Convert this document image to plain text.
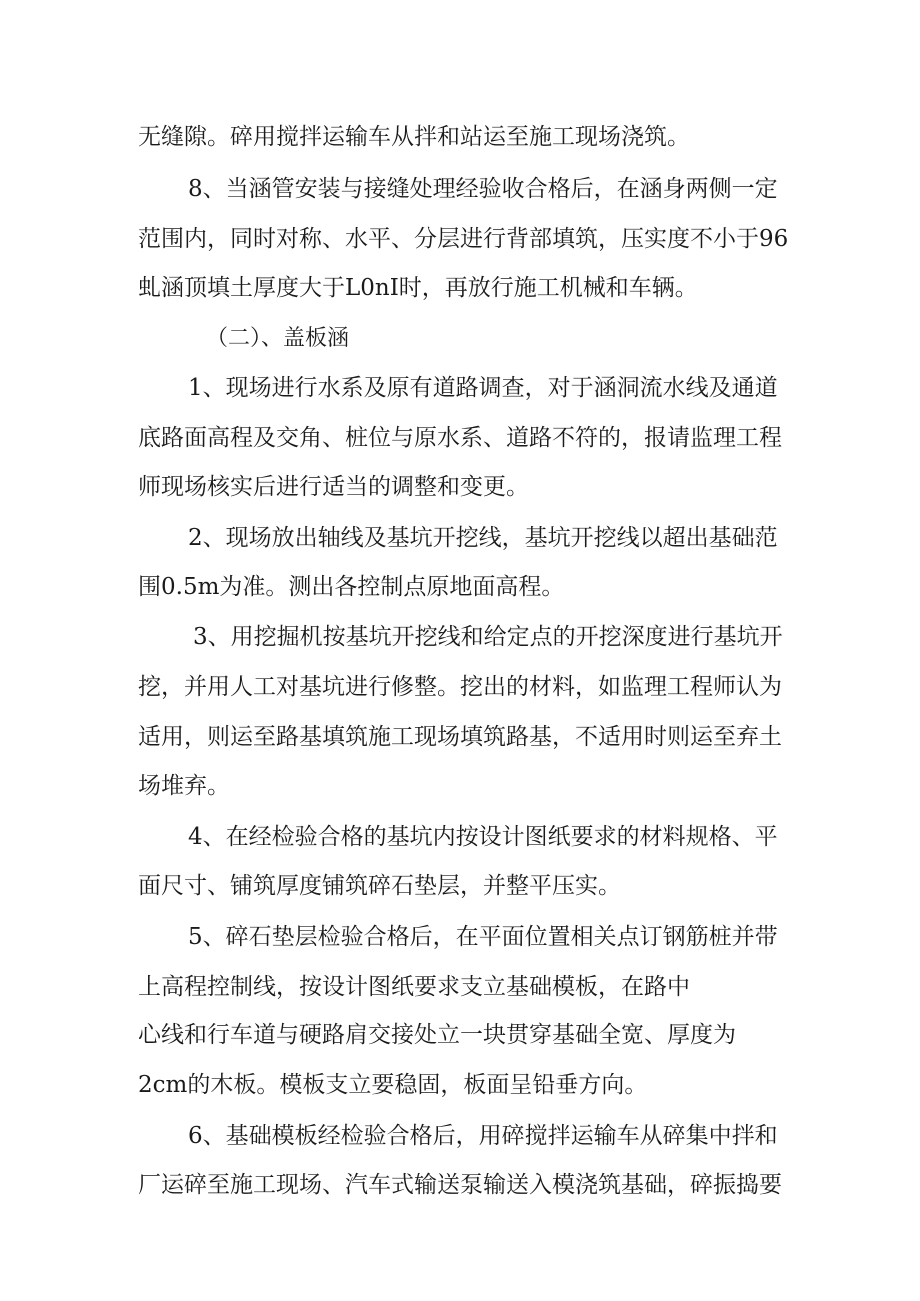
无缝隙。碎用搅拌运输车从拌和站运至施工现场浇筑。
8、当涵管安装与接缝处理经验收合格后，在涵身两侧一定
范围内，同时对称、水平、分层进行背部填筑，压实度不小于96
虬涵顶填土厚度大于L0nI时，再放行施工机械和车辆。
（二）、盖板涵
1、现场进行水系及原有道路调查，对于涵洞流水线及通道
底路面高程及交角、桩位与原水系、道路不符的，报请监理工程
师现场核实后进行适当的调整和变更。
2、现场放出轴线及基坑开挖线，基坑开挖线以超出基础范
围0.5m为准。测出各控制点原地面高程。
3、用挖掘机按基坑开挖线和给定点的开挖深度进行基坑开
挖，并用人工对基坑进行修整。挖出的材料，如监理工程师认为
适用，则运至路基填筑施工现场填筑路基，不适用时则运至弃土
场堆弃。
4、在经检验合格的基坑内按设计图纸要求的材料规格、平
面尺寸、铺筑厚度铺筑碎石垫层，并整平压实。
5、碎石垫层检验合格后，在平面位置相关点订钢筋桩并带
上高程控制线，按设计图纸要求支立基础模板，在路中
心线和行车道与硬路肩交接处立一块贯穿基础全宽、厚度为
2cm的木板。模板支立要稳固，板面呈铅垂方向。
6、基础模板经检验合格后，用碎搅拌运输车从碎集中拌和
厂运碎至施工现场、汽车式输送泵输送入模浇筑基础，碎振捣要
